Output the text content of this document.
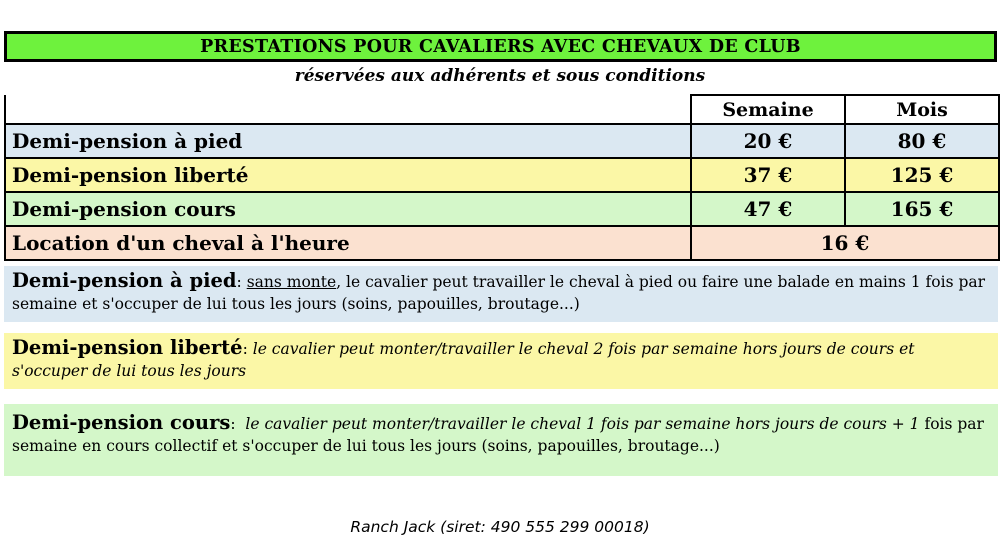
PRESTATIONS POUR CAVALIERS AVEC CHEVAUX DE CLUB
réservées aux adhérents et sous conditions
	Semaine	Mois
Demi-pension à pied	20 €	80 €
Demi-pension liberté	37 €	125 €
Demi-pension cours	47 €	165 €
Location d'un cheval à l'heure	16 €	
Demi-pension à pied: sans monte, le cavalier peut travailler le cheval à pied ou faire une balade en mains 1 fois par semaine et s'occuper de lui tous les jours (soins, papouilles, broutage...)
Demi-pension liberté: le cavalier peut monter/travailler le cheval 2 fois par semaine hors jours de cours et s'occuper de lui tous les jours
Demi-pension cours:  le cavalier peut monter/travailler le cheval 1 fois par semaine hors jours de cours + 1 fois par semaine en cours collectif et s'occuper de lui tous les jours (soins, papouilles, broutage...)
Ranch Jack (siret: 490 555 299 00018)
